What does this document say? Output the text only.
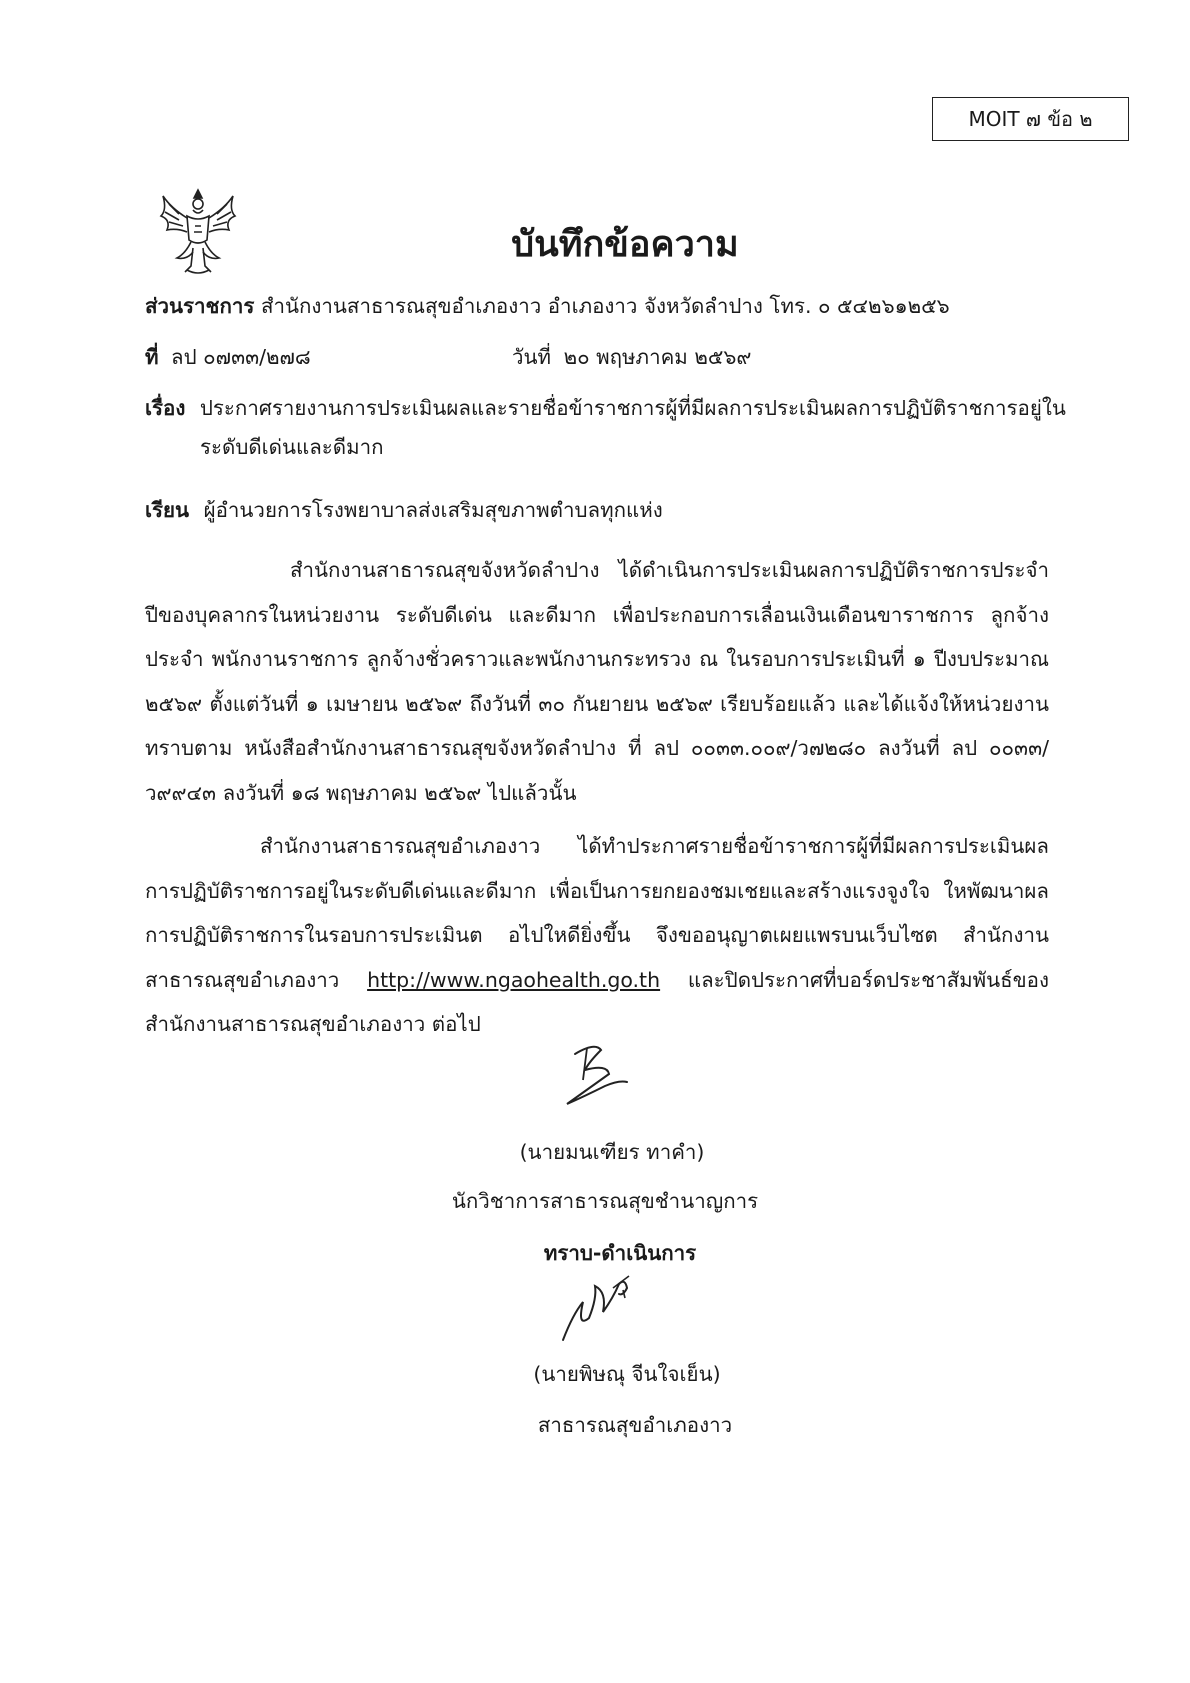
MOIT ๗ ข้อ ๒
บันทึกข้อความ
ส่วนราชการ สำนักงานสาธารณสุขอำเภองาว อำเภองาว จังหวัดลำปาง โทร. ๐ ๕๔๒๖๑๒๕๖
ที่ ลป ๐๗๓๓/๒๗๘	วันที่ ๒๐ พฤษภาคม ๒๕๖๙
เรื่อง ประกาศรายงานการประเมินผลและรายชื่อข้าราชการผู้ที่มีผลการประเมินผลการปฏิบัติราชการอยู่ใน
ระดับดีเด่นและดีมาก
เรียน ผู้อำนวยการโรงพยาบาลส่งเสริมสุขภาพตำบลทุกแห่ง
สำนักงานสาธารณสุขจังหวัดลำปาง ได้ดำเนินการประเมินผลการปฏิบัติราชการประจำปีของบุคลากรในหน่วยงาน ระดับดีเด่น และดีมาก เพื่อประกอบการเลื่อนเงินเดือนขาราชการ ลูกจ้างประจำ พนักงานราชการ ลูกจ้างชั่วคราวและพนักงานกระทรวง ณ ในรอบการประเมินที่ ๑ ปีงบประมาณ ๒๕๖๙ ตั้งแต่วันที่ ๑ เมษายน ๒๕๖๙ ถึงวันที่ ๓๐ กันยายน ๒๕๖๙ เรียบร้อยแล้ว และได้แจ้งให้หน่วยงานทราบตาม หนังสือสำนักงานสาธารณสุขจังหวัดลำปาง ที่ ลป ๐๐๓๓.๐๐๙/ว๗๒๘๐ ลงวันที่ ลป ๐๐๓๓/ว๙๙๔๓ ลงวันที่ ๑๘ พฤษภาคม ๒๕๖๙ ไปแล้วนั้น
สำนักงานสาธารณสุขอำเภองาว ได้ทำประกาศรายชื่อข้าราชการผู้ที่มีผลการประเมินผลการปฏิบัติราชการอยู่ในระดับดีเด่นและดีมาก เพื่อเป็นการยกยองชมเชยและสร้างแรงจูงใจ ใหพัฒนาผลการปฏิบัติราชการในรอบการประเมินต อไปใหดียิ่งขึ้น จึงขออนุญาตเผยแพรบนเว็บไซต สำนักงานสาธารณสุขอำเภองาว http://www.ngaohealth.go.th และปิดประกาศที่บอร์ดประชาสัมพันธ์ของสำนักงานสาธารณสุขอำเภองาว ต่อไป
(นายมนเฑียร ทาคำ)
นักวิชาการสาธารณสุขชำนาญการ
ทราบ-ดำเนินการ
(นายพิษณุ จีนใจเย็น)
สาธารณสุขอำเภองาว
